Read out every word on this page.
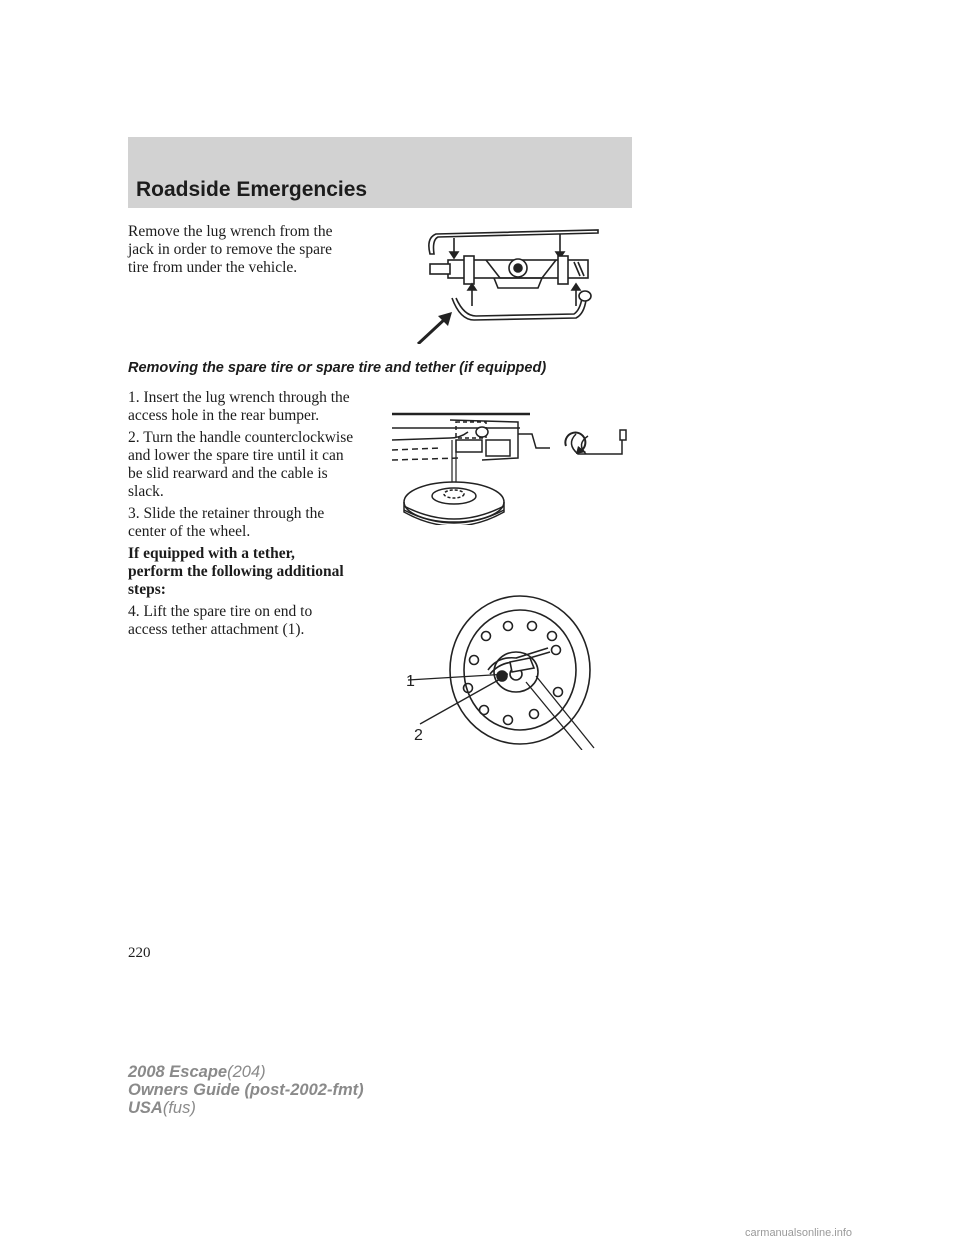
Roadside Emergencies

Remove the lug wrench from the
jack in order to remove the spare
tire from under the vehicle.

Removing the spare tire or spare tire and tether (if equipped)

1. Insert the lug wrench through the
access hole in the rear bumper.

2. Turn the handle counterclockwise
and lower the spare tire until it can
be slid rearward and the cable is
slack.

3. Slide the retainer through the
center of the wheel.

If equipped with a tether,
perform the following additional
steps:

4. Lift the spare tire on end to
access tether attachment (1).

1
2
220
2008 Escape(204)
Owners Guide (post-2002-fmt)
USA(fus)
carmanualsonline.info
